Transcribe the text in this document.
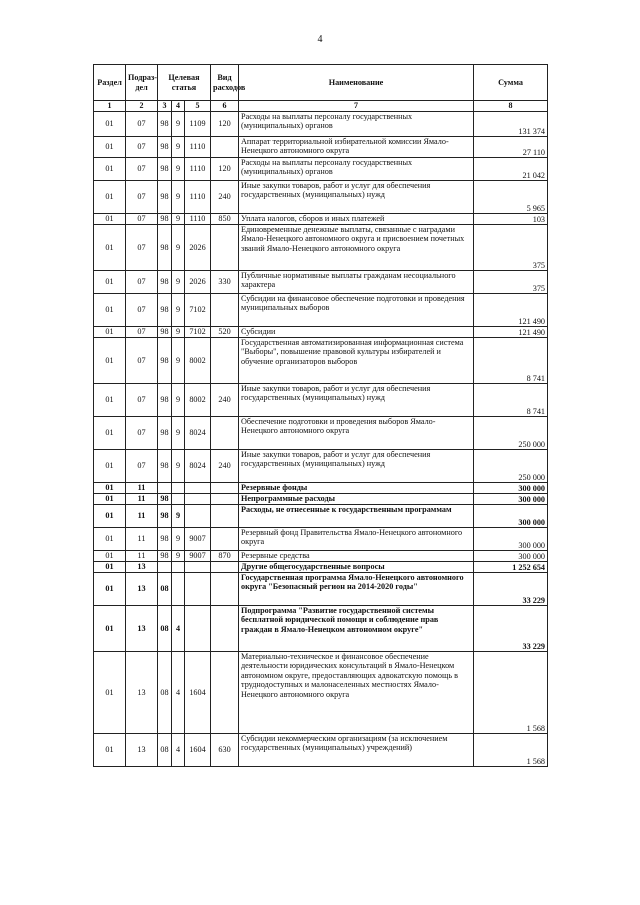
4
Раздел	Подраз-дел	Целевая статья			Вид расходов	Наименование	Сумма
1	2	3	4	5	6	7	8
01	07	98	9	1109	120	Расходы на выплаты персоналу государственных (муниципальных) органов	131 374
01	07	98	9	1110		Аппарат территориальной избирательной комиссии Ямало-Ненецкого автономного округа	27 110
01	07	98	9	1110	120	Расходы на выплаты персоналу государственных (муниципальных) органов	21 042
01	07	98	9	1110	240	Иные закупки товаров, работ и услуг для обеспечения государственных (муниципальных) нужд	5 965
01	07	98	9	1110	850	Уплата налогов, сборов и иных платежей	103
01	07	98	9	2026		Единовременные денежные выплаты, связанные с наградами Ямало-Ненецкого автономного округа и присвоением почетных званий Ямало-Ненецкого автономного округа	375
01	07	98	9	2026	330	Публичные нормативные выплаты гражданам несоциального характера	375
01	07	98	9	7102		Субсидии на финансовое обеспечение подготовки и проведения муниципальных выборов	121 490
01	07	98	9	7102	520	Субсидии	121 490
01	07	98	9	8002		Государственная автоматизированная информационная система "Выборы", повышение правовой культуры избирателей и обучение организаторов выборов	8 741
01	07	98	9	8002	240	Иные закупки товаров, работ и услуг для обеспечения государственных (муниципальных) нужд	8 741
01	07	98	9	8024		Обеспечение подготовки и проведения выборов Ямало-Ненецкого автономного округа	250 000
01	07	98	9	8024	240	Иные закупки товаров, работ и услуг для обеспечения государственных (муниципальных) нужд	250 000
01	11					Резервные фонды	300 000
01	11	98				Непрограммные расходы	300 000
01	11	98	9			Расходы, не отнесенные к государственным программам	300 000
01	11	98	9	9007		Резервный фонд Правительства Ямало-Ненецкого автономного округа	300 000
01	11	98	9	9007	870	Резервные средства	300 000
01	13					Другие общегосударственные вопросы	1 252 654
01	13	08				Государственная программа Ямало-Ненецкого автономного округа "Безопасный регион на 2014-2020 годы"	33 229
01	13	08	4			Подпрограмма "Развитие государственной системы бесплатной юридической помощи и соблюдение прав граждан в Ямало-Ненецком автономном округе"	33 229
01	13	08	4	1604		Материально-техническое и финансовое обеспечение деятельности юридических консультаций в Ямало-Ненецком автономном округе, предоставляющих адвокатскую помощь в труднодоступных и малонаселенных местностях Ямало-Ненецкого автономного округа	1 568
01	13	08	4	1604	630	Субсидии некоммерческим организациям (за исключением государственных (муниципальных) учреждений)	1 568
